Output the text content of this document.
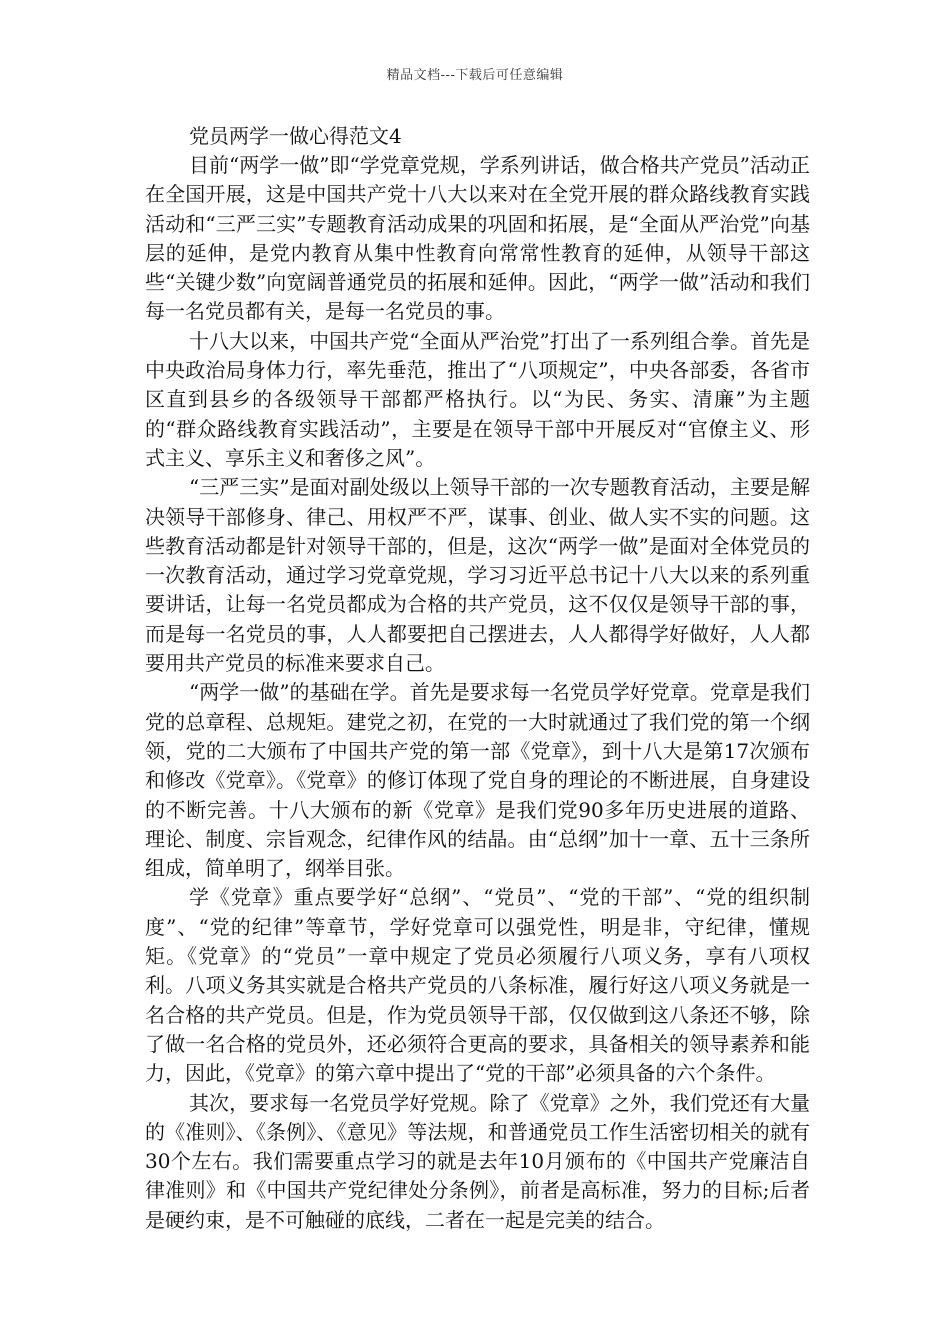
精品文档---下载后可任意编辑
党员两学一做心得范文4

目前“两学一做”即“学党章党规，学系列讲话，做合格共产党员”活动正在全国开展，这是中国共产党十八大以来对在全党开展的群众路线教育实践活动和“三严三实”专题教育活动成果的巩固和拓展，是“全面从严治党”向基层的延伸，是党内教育从集中性教育向常常性教育的延伸，从领导干部这些“关键少数”向宽阔普通党员的拓展和延伸。因此，“两学一做”活动和我们每一名党员都有关，是每一名党员的事。

十八大以来，中国共产党“全面从严治党”打出了一系列组合拳。首先是中央政治局身体力行，率先垂范，推出了“八项规定”，中央各部委，各省市区直到县乡的各级领导干部都严格执行。以“为民、务实、清廉”为主题的“群众路线教育实践活动”，主要是在领导干部中开展反对“官僚主义、形式主义、享乐主义和奢侈之风”。

“三严三实”是面对副处级以上领导干部的一次专题教育活动，主要是解决领导干部修身、律己、用权严不严，谋事、创业、做人实不实的问题。这些教育活动都是针对领导干部的，但是，这次“两学一做”是面对全体党员的一次教育活动，通过学习党章党规，学习习近平总书记十八大以来的系列重要讲话，让每一名党员都成为合格的共产党员，这不仅仅是领导干部的事，而是每一名党员的事，人人都要把自己摆进去，人人都得学好做好，人人都要用共产党员的标准来要求自己。

“两学一做”的基础在学。首先是要求每一名党员学好党章。党章是我们党的总章程、总规矩。建党之初，在党的一大时就通过了我们党的第一个纲领，党的二大颁布了中国共产党的第一部《党章》，到十八大是第17次颁布和修改《党章》。《党章》的修订体现了党自身的理论的不断进展，自身建设的不断完善。十八大颁布的新《党章》是我们党90多年历史进展的道路、理论、制度、宗旨观念，纪律作风的结晶。由“总纲”加十一章、五十三条所组成，简单明了，纲举目张。

学《党章》重点要学好“总纲”、“党员”、“党的干部”、“党的组织制度”、“党的纪律”等章节，学好党章可以强党性，明是非，守纪律，懂规矩。《党章》的“党员”一章中规定了党员必须履行八项义务，享有八项权利。八项义务其实就是合格共产党员的八条标准，履行好这八项义务就是一名合格的共产党员。但是，作为党员领导干部，仅仅做到这八条还不够，除了做一名合格的党员外，还必须符合更高的要求，具备相关的领导素养和能力，因此，《党章》的第六章中提出了“党的干部”必须具备的六个条件。

其次，要求每一名党员学好党规。除了《党章》之外，我们党还有大量的《准则》、《条例》、《意见》等法规，和普通党员工作生活密切相关的就有30个左右。我们需要重点学习的就是去年10月颁布的《中国共产党廉洁自律准则》和《中国共产党纪律处分条例》，前者是高标准，努力的目标;后者是硬约束，是不可触碰的底线，二者在一起是完美的结合。
